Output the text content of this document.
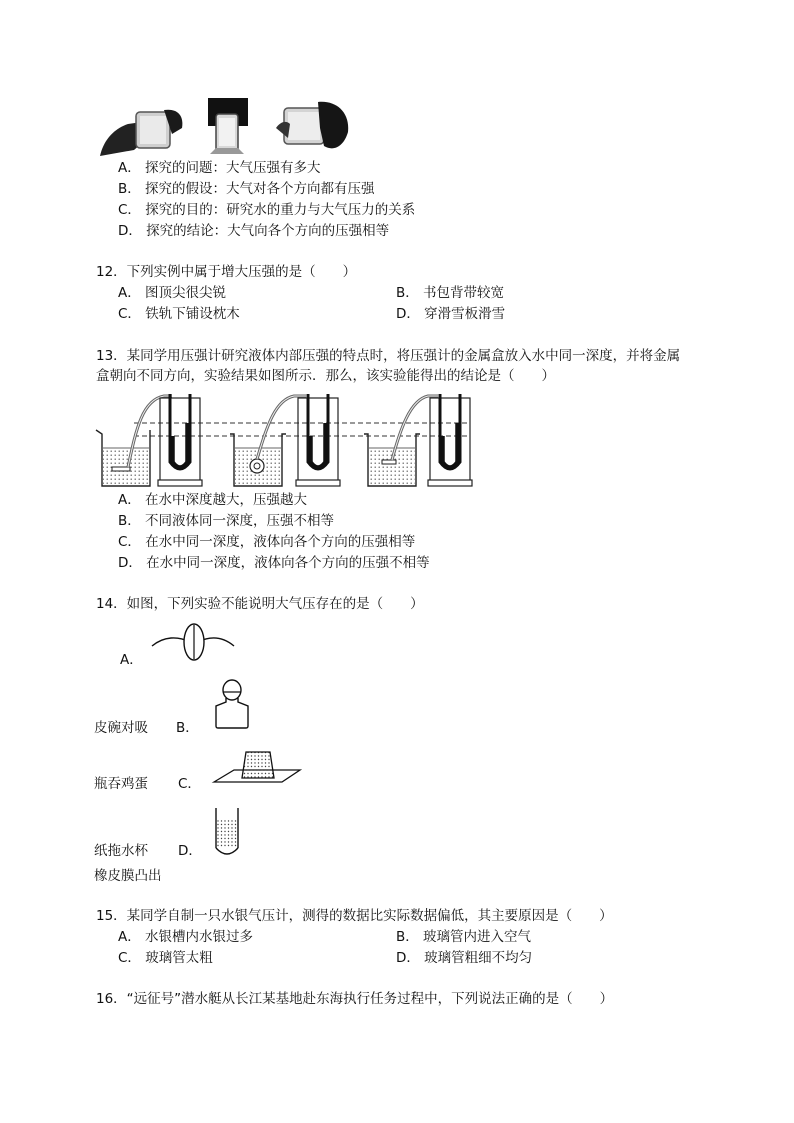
A． 探究的问题：大气压强有多大
B． 探究的假设：大气对各个方向都有压强
C． 探究的目的：研究水的重力与大气压力的关系
D． 探究的结论：大气向各个方向的压强相等
12．下列实例中属于增大压强的是（　　）
A． 图顶尖很尖锐	B． 书包背带较宽
C． 铁轨下铺设枕木	D． 穿滑雪板滑雪
13．某同学用压强计研究液体内部压强的特点时，将压强计的金属盒放入水中同一深度，并将金属
盒朝向不同方向，实验结果如图所示．那么，该实验能得出的结论是（　　）
A． 在水中深度越大，压强越大
B． 不同液体同一深度，压强不相等
C． 在水中同一深度，液体向各个方向的压强相等
D． 在水中同一深度，液体向各个方向的压强不相等
14．如图，下列实验不能说明大气压存在的是（　　）
A．
皮碗对吸 B．
瓶吞鸡蛋 C．
纸拖水杯 D．
橡皮膜凸出
15．某同学自制一只水银气压计，测得的数据比实际数据偏低，其主要原因是（　　）
A． 水银槽内水银过多	B． 玻璃管内进入空气
C． 玻璃管太粗	D． 玻璃管粗细不均匀
16．“远征号”潜水艇从长江某基地赴东海执行任务过程中，下列说法正确的是（　　）
